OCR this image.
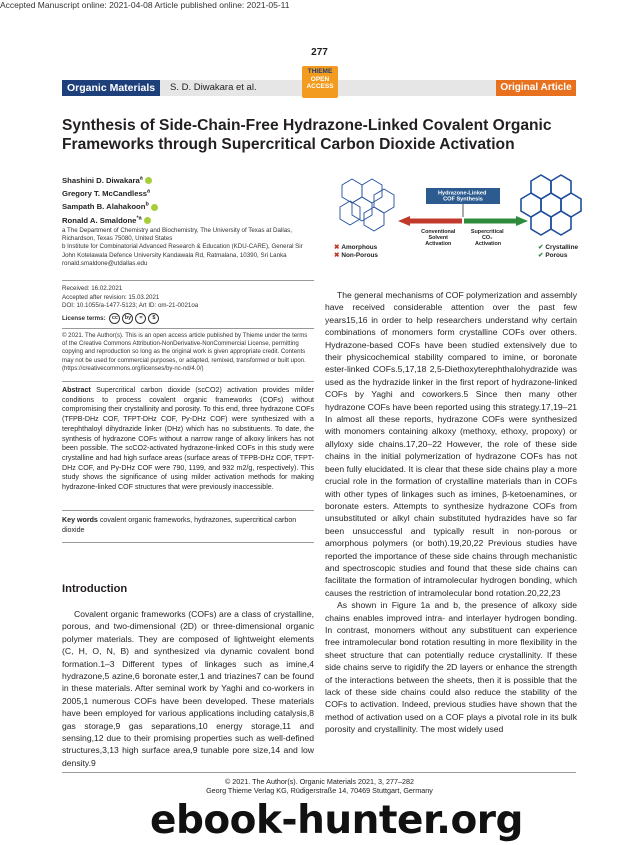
Accepted Manuscript online: 2021-04-08 Article published online: 2021-05-11
277
Organic Materials	S. D. Diwakara et al.	Original Article
THIEME
OPEN
ACCESS
Synthesis of Side-Chain-Free Hydrazone-Linked Covalent Organic Frameworks through Supercritical Carbon Dioxide Activation
Shashini D. Diwakara$^a$
Gregory T. McCandless$^a$
Sampath B. Alahakoon$^b$
Ronald A. Smaldone$^{*a}$
a The Department of Chemistry and Biochemistry, The University of Texas at Dallas, Richardson, Texas 75080, United States
b Institute for Combinatorial Advanced Research & Education (KDU-CARE), General Sir John Kotelawala Defence University Kandawala Rd, Ratmalana, 10390, Sri Lanka
ronald.smaldone@utdallas.edu
Hydrazone-Linked COF Synthesis
Conventional Solvent Activation Supercritical CO₂ Activation
✖ Amorphous ✖ Non-Porous ✔ Crystalline ✔ Porous
Received: 16.02.2021
Accepted after revision: 15.03.2021
DOI: 10.1055/a-1477-5123; Art ID: om-21-0021oa
License terms: cc by = $
© 2021. The Author(s). This is an open access article published by Thieme under the terms of the Creative Commons Attribution-NonDerivative-NonCommercial License, permitting copying and reproduction so long as the original work is given appropriate credit. Contents may not be used for commercial purposes, or adapted, remixed, transformed or built upon. (https://creativecommons.org/licenses/by-nc-nd/4.0/)
Abstract Supercritical carbon dioxide (scCO2) activation provides milder conditions to process covalent organic frameworks (COFs) without compromising their crystallinity and porosity. To this end, three hydrazone COFs (TFPB-DHz COF, TFPT-DHz COF, Py-DHz COF) were synthesized with a terephthaloyl dihydrazide linker (DHz) which has no substituents. To date, the synthesis of hydrazone COFs without a narrow range of alkoxy linkers has not been possible. The scCO2-activated hydrazone-linked COFs in this study were crystalline and had high surface areas (surface areas of TFPB-DHz COF, TFPT-DHz COF, and Py-DHz COF were 790, 1199, and 932 m2/g, respectively). This study shows the significance of using milder activation methods for making hydrazone-linked COF structures that were previously inaccessible.
Key words covalent organic frameworks, hydrazones, supercritical carbon dioxide
Introduction

Covalent organic frameworks (COFs) are a class of crystalline, porous, and two-dimensional (2D) or three-dimensional organic polymer materials. They are composed of lightweight elements (C, H, O, N, B) and synthesized via dynamic covalent bond formation.1–3 Different types of linkages such as imine,4 hydrazone,5 azine,6 boronate ester,1 and triazines7 can be found in these materials. After seminal work by Yaghi and co-workers in 2005,1 numerous COFs have been developed. These materials have been employed for various applications including catalysis,8 gas storage,9 gas separations,10 energy storage,11 and sensing,12 due to their promising properties such as well-defined structures,3,13 high surface area,9 tunable pore size,14 and low density.9

The general mechanisms of COF polymerization and assembly have received considerable attention over the past few years15,16 in order to help researchers understand why certain combinations of monomers form crystalline COFs over others. Hydrazone-based COFs have been studied extensively due to their physicochemical stability compared to imine, or boronate ester-linked COFs.5,17,18 2,5-Diethoxyterephthalohydrazide was used as the hydrazide linker in the first report of hydrazone-linked COFs by Yaghi and coworkers.5 Since then many other hydrazone COFs have been reported using this strategy.17,19–21 In almost all these reports, hydrazone COFs were synthesized with monomers containing alkoxy (methoxy, ethoxy, propoxy) or allyloxy side chains.17,20–22 However, the role of these side chains in the initial polymerization of hydrazone COFs has not been fully elucidated. It is clear that these side chains play a more crucial role in the formation of crystalline materials than in COFs with other types of linkages such as imines, β-ketoenamines, or boronate esters. Attempts to synthesize hydrazone COFs from unsubstituted or alkyl chain substituted hydrazides have so far been unsuccessful and typically result in non-porous or amorphous polymers (or both).19,20,22 Previous studies have reported the importance of these side chains through mechanistic and spectroscopic studies and found that these side chains can facilitate the formation of intramolecular hydrogen bonding, which causes the restriction of intramolecular bond rotation.20,22,23

As shown in Figure 1a and b, the presence of alkoxy side chains enables improved intra- and interlayer hydrogen bonding. In contrast, monomers without any substituent can experience free intramolecular bond rotation resulting in more flexibility in the sheet structure that can potentially reduce crystallinity. If these side chains serve to rigidify the 2D layers or enhance the strength of the interactions between the sheets, then it is possible that the lack of these side chains could also reduce the stability of the COFs to activation. Indeed, previous studies have shown that the method of activation used on a COF plays a pivotal role in its bulk porosity and crystallinity. The most widely used

© 2021. The Author(s). Organic Materials 2021, 3, 277–282
Georg Thieme Verlag KG, Rüdigerstraße 14, 70469 Stuttgart, Germany
ebook-hunter.org
